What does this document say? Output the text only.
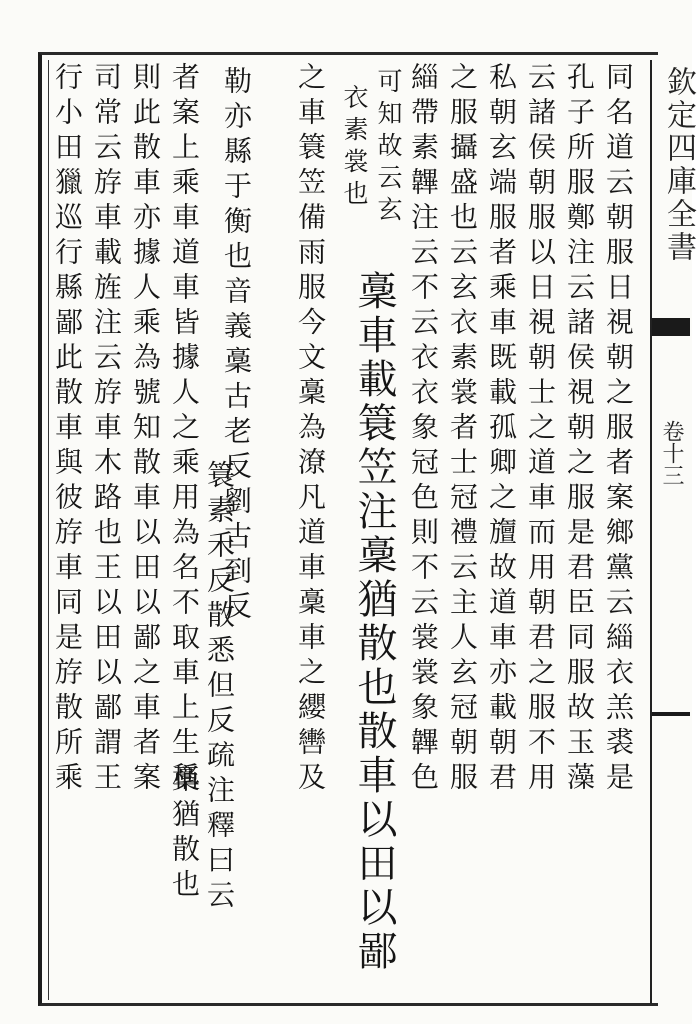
欽定四庫全書
卷十三
同名道云朝服日視朝之服者案鄉黨云緇衣羔裘是
孔子所服鄭注云諸侯視朝之服是君臣同服故玉藻
云諸侯朝服以日視朝士之道車而用朝君之服不用
私朝玄端服者乘車既載孤卿之旜故道車亦載朝君
之服攝盛也云玄衣素裳者士冠禮云主人玄冠朝服
緇帶素韠注云不云衣衣象冠色則不云裳裳象韠色
可知故云玄
衣素裳也
稾車載簑笠注稾猶散也散車以田以鄙
之車簑笠備雨服今文稾為潦凡道車稾車之纓轡及
勒亦縣于衡也音義稾古老反劉古到反
簑素禾反散悉但反疏注釋曰云
稾猶散也
者案上乘車道車皆據人之乘用為名不取車上生稱
則此散車亦據人乘為號知散車以田以鄙之車者案
司常云斿車載旌注云斿車木路也王以田以鄙謂王
行小田獵巡行縣鄙此散車與彼斿車同是斿散所乘
